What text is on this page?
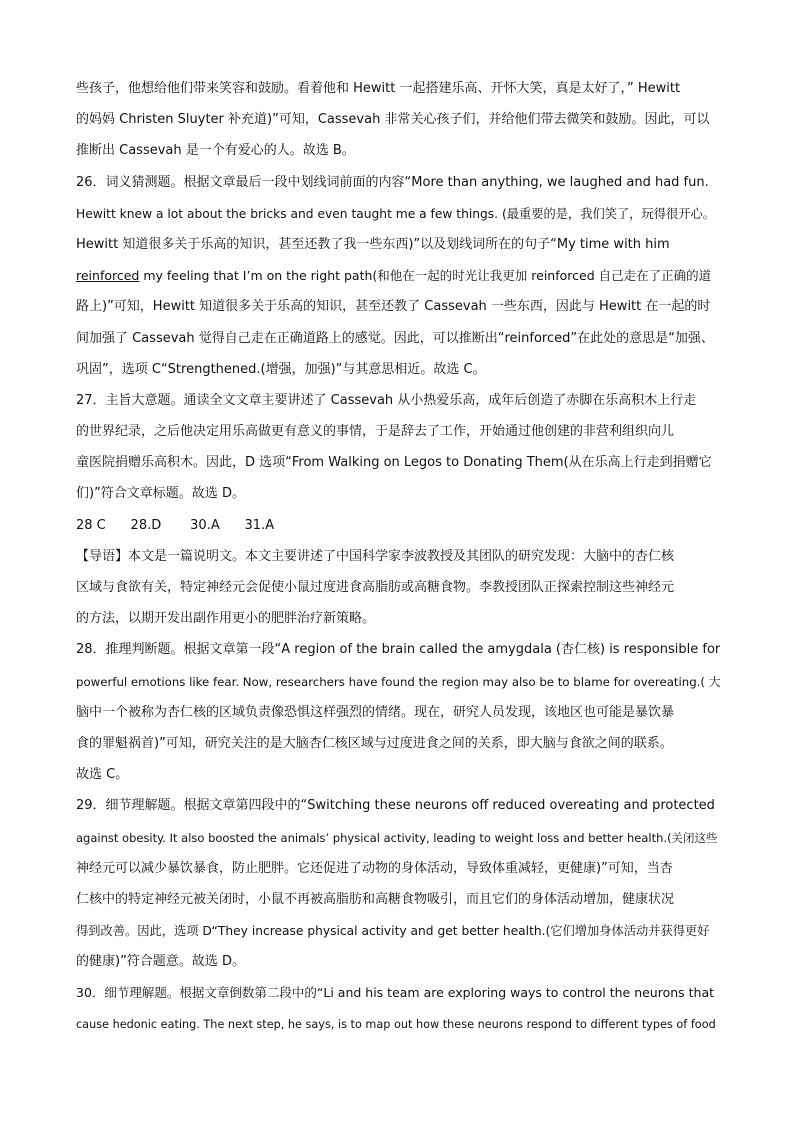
些孩子，他想给他们带来笑容和鼓励。看着他和 Hewitt 一起搭建乐高、开怀大笑，真是太好了，” Hewitt
的妈妈 Christen Sluyter 补充道)”可知，Cassevah 非常关心孩子们，并给他们带去微笑和鼓励。因此，可以
推断出 Cassevah 是一个有爱心的人。故选 B。
26．词义猜测题。根据文章最后一段中划线词前面的内容“More than anything, we laughed and had fun.
Hewitt knew a lot about the bricks and even taught me a few things. (最重要的是，我们笑了，玩得很开心。
Hewitt 知道很多关于乐高的知识，甚至还教了我一些东西)”以及划线词所在的句子“My time with him
reinforced my feeling that I’m on the right path(和他在一起的时光让我更加 reinforced 自己走在了正确的道
路上)”可知，Hewitt 知道很多关于乐高的知识，甚至还教了 Cassevah 一些东西，因此与 Hewitt 在一起的时
间加强了 Cassevah 觉得自己走在正确道路上的感觉。因此，可以推断出“reinforced”在此处的意思是“加强、
巩固”，选项 C“Strengthened.(增强，加强)”与其意思相近。故选 C。
27．主旨大意题。通读全文文章主要讲述了 Cassevah 从小热爱乐高，成年后创造了赤脚在乐高积木上行走
的世界纪录，之后他决定用乐高做更有意义的事情，于是辞去了工作，开始通过他创建的非营利组织向儿
童医院捐赠乐高积木。因此，D 选项“From Walking on Legos to Donating Them(从在乐高上行走到捐赠它
们)”符合文章标题。故选 D。
28 C      28.D       30.A      31.A
【导语】本文是一篇说明文。本文主要讲述了中国科学家李波教授及其团队的研究发现：大脑中的杏仁核
区域与食欲有关，特定神经元会促使小鼠过度进食高脂肪或高糖食物。李教授团队正探索控制这些神经元
的方法，以期开发出副作用更小的肥胖治疗新策略。
28．推理判断题。根据文章第一段“A region of the brain called the amygdala (杏仁核) is responsible for
powerful emotions like fear. Now, researchers have found the region may also be to blame for overeating.( 大
脑中一个被称为杏仁核的区域负责像恐惧这样强烈的情绪。现在，研究人员发现，该地区也可能是暴饮暴
食的罪魁祸首)”可知，研究关注的是大脑杏仁核区域与过度进食之间的关系，即大脑与食欲之间的联系。
故选 C。
29．细节理解题。根据文章第四段中的“Switching these neurons off reduced overeating and protected
against obesity. It also boosted the animals’ physical activity, leading to weight loss and better health.(关闭这些
神经元可以减少暴饮暴食，防止肥胖。它还促进了动物的身体活动，导致体重减轻，更健康)”可知，当杏
仁核中的特定神经元被关闭时，小鼠不再被高脂肪和高糖食物吸引，而且它们的身体活动增加，健康状况
得到改善。因此，选项 D“They increase physical activity and get better health.(它们增加身体活动并获得更好
的健康)”符合题意。故选 D。
30．细节理解题。根据文章倒数第二段中的“Li and his team are exploring ways to control the neurons that
cause hedonic eating. The next step, he says, is to map out how these neurons respond to different types of food
